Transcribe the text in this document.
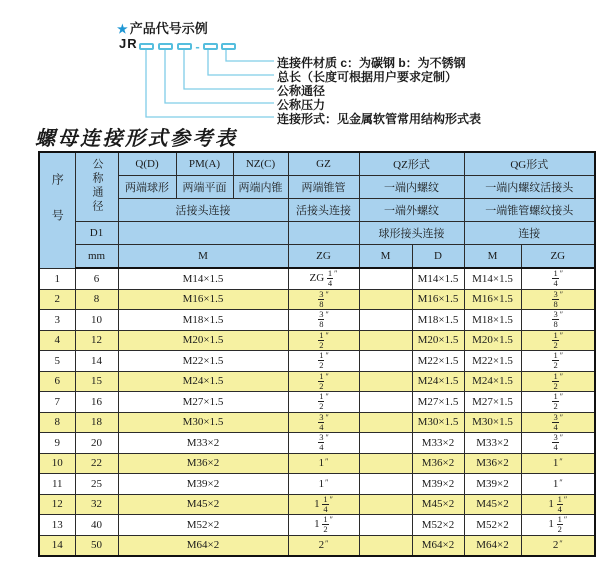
★ 产品代号示例
JR	-
连接件材质 c：为碳钢 b：为不锈钢
总长（长度可根据用户要求定制）
公称通径
公称压力
连接形式：见金属软管常用结构形式表
螺母连接形式参考表
序号	公称通径	Q(D)	PM(A)	NZ(C)	GZ	QZ形式		QG形式	
		两端球形	两端平面	两端内锥	两端锥管	一端内螺纹		一端内螺纹活接头	
		活接头连接			活接头连接	一端外螺纹		一端锥管螺纹接头	
	D1					球形接头连接		连接	
	mm	M			ZG	M	D	M	ZG
1	6	M14×1.5			ZG $\frac{1}{4} ''$		M14×1.5	M14×1.5	$\frac{1}{4} ''$
2	8	M16×1.5			$\frac{3}{8} ''$		M16×1.5	M16×1.5	$\frac{3}{8} ''$
3	10	M18×1.5			$\frac{3}{8} ''$		M18×1.5	M18×1.5	$\frac{3}{8} ''$
4	12	M20×1.5			$\frac{1}{2} ''$		M20×1.5	M20×1.5	$\frac{1}{2} ''$
5	14	M22×1.5			$\frac{1}{2} ''$		M22×1.5	M22×1.5	$\frac{1}{2} ''$
6	15	M24×1.5			$\frac{1}{2} ''$		M24×1.5	M24×1.5	$\frac{1}{2} ''$
7	16	M27×1.5			$\frac{1}{2} ''$		M27×1.5	M27×1.5	$\frac{1}{2} ''$
8	18	M30×1.5			$\frac{3}{4} ''$		M30×1.5	M30×1.5	$\frac{3}{4} ''$
9	20	M33×2			$\frac{3}{4} ''$		M33×2	M33×2	$\frac{3}{4} ''$
10	22	M36×2			1″		M36×2	M36×2	1″
11	25	M39×2			1″		M39×2	M39×2	1″
12	32	M45×2			$1 \frac{1}{4} ''$		M45×2	M45×2	$1 \frac{1}{4} ''$
13	40	M52×2			$1 \frac{1}{2} ''$		M52×2	M52×2	$1 \frac{1}{2} ''$
14	50	M64×2			2″		M64×2	M64×2	2″
